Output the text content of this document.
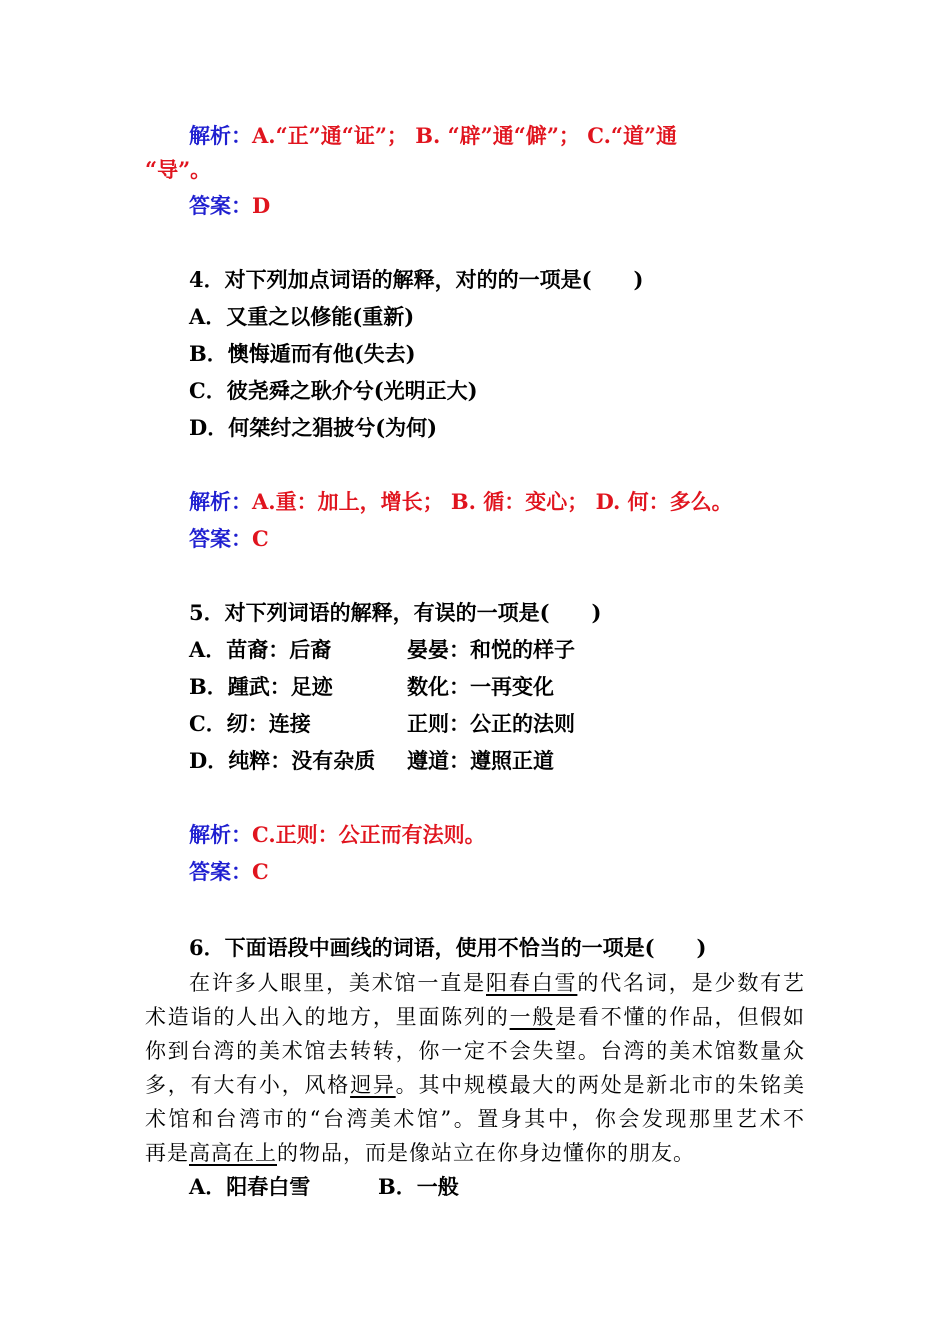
解析：A.“正”通“证”； B. “辟”通“僻”； C.“道”通
“导”。
答案：D
4．对下列加点词语的解释，对的的一项是(　　)
A．又重之以修能(重新)
B．懊悔遁而有他(失去)
C．彼尧舜之耿介兮(光明正大)
D．何桀纣之猖披兮(为何)
解析：A.重：加上，增长； B. 循：变心； D. 何：多么。
答案：C
5．对下列词语的解释，有误的一项是(　　)
A．苗裔：后裔	晏晏：和悦的样子
B．踵武：足迹	数化：一再变化
C．纫：连接	正则：公正的法则
D．纯粹：没有杂质 遵道：遵照正道
解析：C.正则：公正而有法则。
答案：C
6．下面语段中画线的词语，使用不恰当的一项是(　　)
在许多人眼里，美术馆一直是阳春白雪的代名词，是少数有艺
术造诣的人出入的地方，里面陈列的一般是看不懂的作品，但假如
你到台湾的美术馆去转转，你一定不会失望。台湾的美术馆数量众
多，有大有小，风格迥异。其中规模最大的两处是新北市的朱铭美
术馆和台湾市的“台湾美术馆”。置身其中，你会发现那里艺术不
再是高高在上的物品，而是像站立在你身边懂你的朋友。
A．阳春白雪	B．一般
